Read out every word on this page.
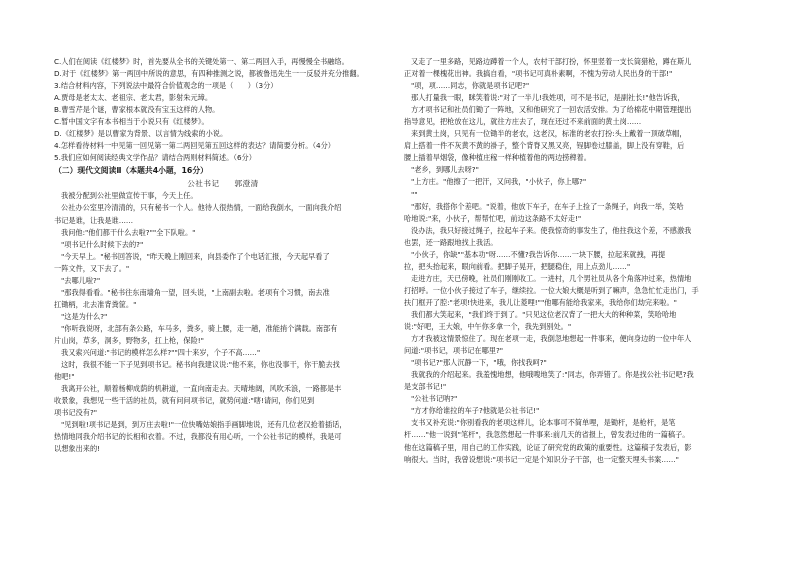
C.人们在阅读《红楼梦》时，首先要从全书的关键处第一、第二两回入手，再慢慢全书融络。

D.对于《红楼梦》第一两回中所说的意思，有四种推测之说，都被鲁迅先生一一反驳并充分推翻。

3.结合材料内容，下列说法中最符合价值观念的一项是（　　）（3分）

A.贾母是老太太、老祖宗、老太君，影射朱元璋。

B.曹雪芹是个谜，曹家根本就没有宝玉这样的人物。

C.暂中国文字有本书相当于小说只有《红楼梦》。

D.《红楼梦》是以曹家为背景、以言情为线索的小说。

4.怎样看待材料一中见第一回见第一第二两回见第五回这样的表达？请简要分析。（4分）

5.我们应如何阅读经典文学作品？请结合两则材料简述。（6分）

（二）现代文阅读Ⅱ（本题共4小题，16分）

公社书记 郭澄清

我被分配到公社里做宣传干事，今天上任。

公社办公室里冷清清的，只有秘书一个人。他待人很热情，一面给我倒水，一面向我介绍

书记是谁，让我是谁……

我问他:"他们都干什么去啦?""全下队啦。"

"项书记什么时候下去的?"

"今天早上。"秘书回答说，"昨天晚上刚回来，向县委作了个电话汇报，今天起早看了

一阵文件，又下去了。"

"去哪儿啦?"

"那我得看看。"秘书往东南墙角一望，回头说，"上南副去啦。老项有个习惯，南去准

扛锄柄，北去准背粪筐。"

"这是为什么?"

"你听我说呀，北部有条公路，车马多，粪多，骑上腰，走一趟，准能捎个满载。南部有

片山岗，草多，洞多，野物多，扛上枪，保险!"

我又索兴问道:"书记的模样怎么样?""四十来岁，个子不高……"

这时，我很不能一下子见到项书记。秘书向我建议说:"他不来，你也没事干，你干脆去找

他吧!"

我离开公社，顺着杨柳成荫的机耕道，一直向南走去。天晴地阔，风吹禾浪，一路都是丰

收景象，我想见一些干活的社员，就有问问项书记，就势问道:"嗐!请问，你们见到

项书记没有?"

"见到啦!项书记是到，到万庄去啦!"一位快嘴姑娘指手画脚地说，还有几位老汉抢着插话，

热情地同我介绍书记的长相和衣着。不过，我都没有用心听，一个公社书记的模样，我是可

以想象出来的!

又走了一里多路，见路边蹲着一个人，农村干部打扮，怀里竖着一支长筒猎枪，蹲在斯儿

正对着一棵槐花出神。我搞自看，"项书记可真朴素啊，不愧为劳动人民出身的干部!"

"项，项……同志，你就是项书记吧?"

那人打量我一眼，眯笑着说:"对了一半儿!我姓项，可不是书记，是副社长!"他告诉我，

方才项书记和社员们锄了一阵地，又和他研究了一回农活安排。为了给棉花中期管理提出

指导意见，把枪放在这儿，就往方庄去了，现在还过不来前面的黄土岗……

来到黄土岗，只见有一位锄半的老农，这老汉，标准的老农打扮:头上戴着一顶破草帽，

肩上搭着一件不灰黄不黄的褂子，整个背脊又黑又亮，锃脚卷过膝盖，脚上没有穿鞋，后

腰上插着旱烟袋，像种植庄稼一样种植着他的两边捞稗着。

"老乡，到哪儿去呀?"

"上方庄。"他擦了一把汗，又问我，"小伙子，你上哪?"

""

"那好，我搭你个差吧。"说着，他放下车子，在车子上捡了一条绳子，向我一举，笑哈

哈地说:"来，小伙子，帮帮忙吧，前边这条路不太好走!"

没办法，我只好接过绳子，拉起车子来。使我惊奇的事发生了，他拄我这个差，不感激我

也罢，还一路跟地找上我活。

"小伙子，你缺""基本功"呀……不懂?我告诉你……一块下腰，拉起来就拽，再提

拉，把头抬起来，眼向前看。把脚子晃开，把腿稳住，用上点劲儿……"

走进方庄，天已傍晚，社员们刚刚收工。一进村，几个男社员从各个角落冲过来，热情地

打招呼。一位小伙子接过了车子，继续拉。一位大娘大概是听到了嘛声，急急忙忙走出门，手

扶门框开了腔:"老项!快进来，我儿让菱哩!""他哪有能给我家来，我给你们劫完来啦。"

我们都大笑起来，"我们终于到了。"只见这位老汉背了一把大大的种种菜，笑哈哈地

说:"好吧，王大娘，中午你多拿一个，我先到别处。"

方才我被这情景惊住了。现在老项一走，我倒忽地想起一件事来，便向身边的一位中年人

问道:"项书记，项书记在哪里?"

"项书记?"那人沉静一下，"哦，你找我呵?"

我就我的介绍起来。我羞愧地想，他哦嗖地笑了:"同志，你弄错了。你是找公社书记吧?我

是支部书记!"

"公社书记呐?"

"方才你给谁拉的车子?他就是公社书记!"

支书又补充说:"你别看我的老项这样儿，论本事可不简单哩，是锄杆，是枪杆，是笔

杆……"他一说到"笔杆"，我忽然想起一件事来:前几天的省报上，曾发表过他的一篇稿子。

他在这篇稿子里，用自己的工作实践，论证了研究党的政策的重要性。这篇稿子发表后，影

响很大。当时，我曾设想说:"项书记一定是个知识分子干部，也一定整天埋头书案……"
